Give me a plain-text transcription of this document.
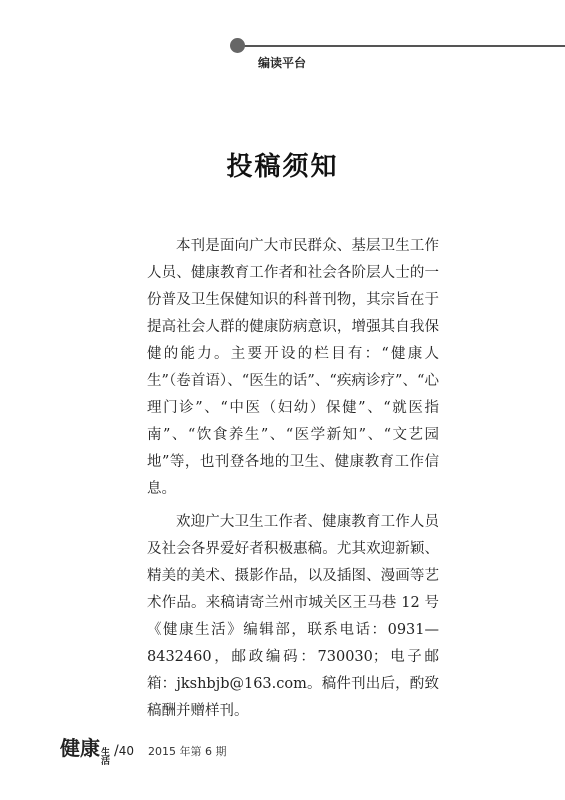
编读平台
投稿须知

本刊是面向广大市民群众、基层卫生工作人员、健康教育工作者和社会各阶层人士的一份普及卫生保健知识的科普刊物，其宗旨在于提高社会人群的健康防病意识，增强其自我保健的能力。主要开设的栏目有：“健康人生”（卷首语）、“医生的话”、“疾病诊疗”、“心理门诊”、“中医（妇幼）保健”、“就医指南”、“饮食养生”、“医学新知”、“文艺园地”等，也刊登各地的卫生、健康教育工作信息。

欢迎广大卫生工作者、健康教育工作人员及社会各界爱好者积极惠稿。尤其欢迎新颖、精美的美术、摄影作品，以及插图、漫画等艺术作品。来稿请寄兰州市城关区王马巷 12 号《健康生活》编辑部，联系电话：0931—8432460，邮政编码：730030；电子邮箱：jkshbjb@163.com。稿件刊出后，酌致稿酬并赠样刊。

健康 生活
/ 40 2015 年第 6 期
